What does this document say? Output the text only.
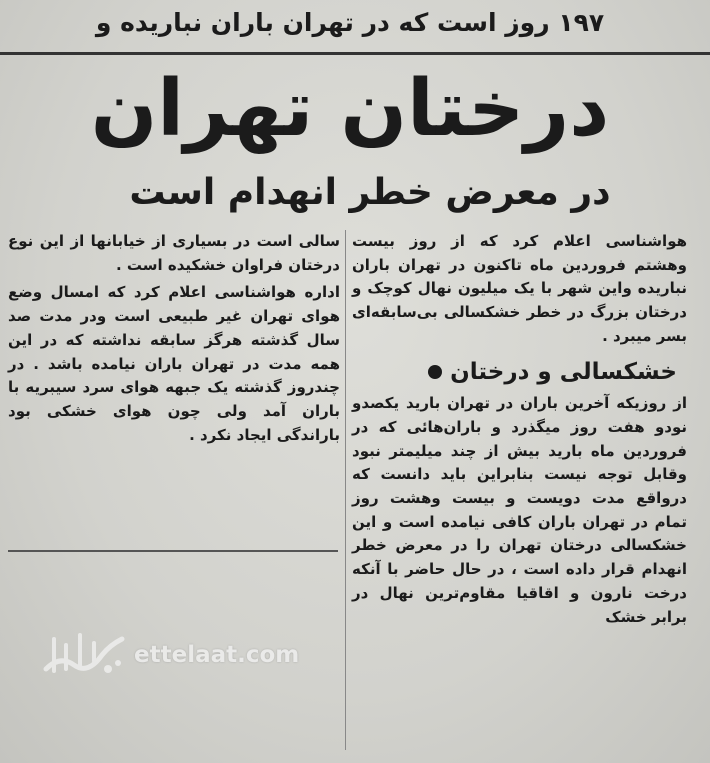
۱۹۷ روز است که در تهران باران نباریده و
درختان تهران
در معرض خطر انهدام است
هواشناسی اعلام کرد که از روز بیست وهشتم فروردین ماه تاکنون در تهران باران نباریده واین شهر با یک میلیون نهال کوچک و درختان بزرگ در خطر خشکسالی بی‌سابقه‌ای بسر میبرد .
خشکسالی و درختان
از روزیکه آخرین باران در تهران بارید یکصدو نودو هفت روز میگذرد و باران‌هائی که در فروردین ماه بارید بیش از چند میلیمتر نبود وقابل توجه نیست بنابراین باید دانست که درواقع مدت دویست و بیست وهشت روز تمام در تهران باران کافی نیامده است و این خشکسالی درختان تهران را در معرض خطر انهدام قرار داده است ، در حال حاضر با آنکه درخت نارون و اقاقیا مقاوم‌ترین نهال در برابر خشک
سالی است در بسیاری از خیابانها از این نوع درختان فراوان خشکیده است .
اداره هواشناسی اعلام کرد که امسال وضع هوای تهران غیر طبیعی است ودر مدت صد سال گذشته هرگز سابقه نداشته که در این همه مدت در تهران باران نیامده باشد . در چندروز گذشته یک جبهه هوای سرد سیبریه با باران آمد ولی چون هوای خشکی بود باراندگی ایجاد نکرد .
ettelaat.com
